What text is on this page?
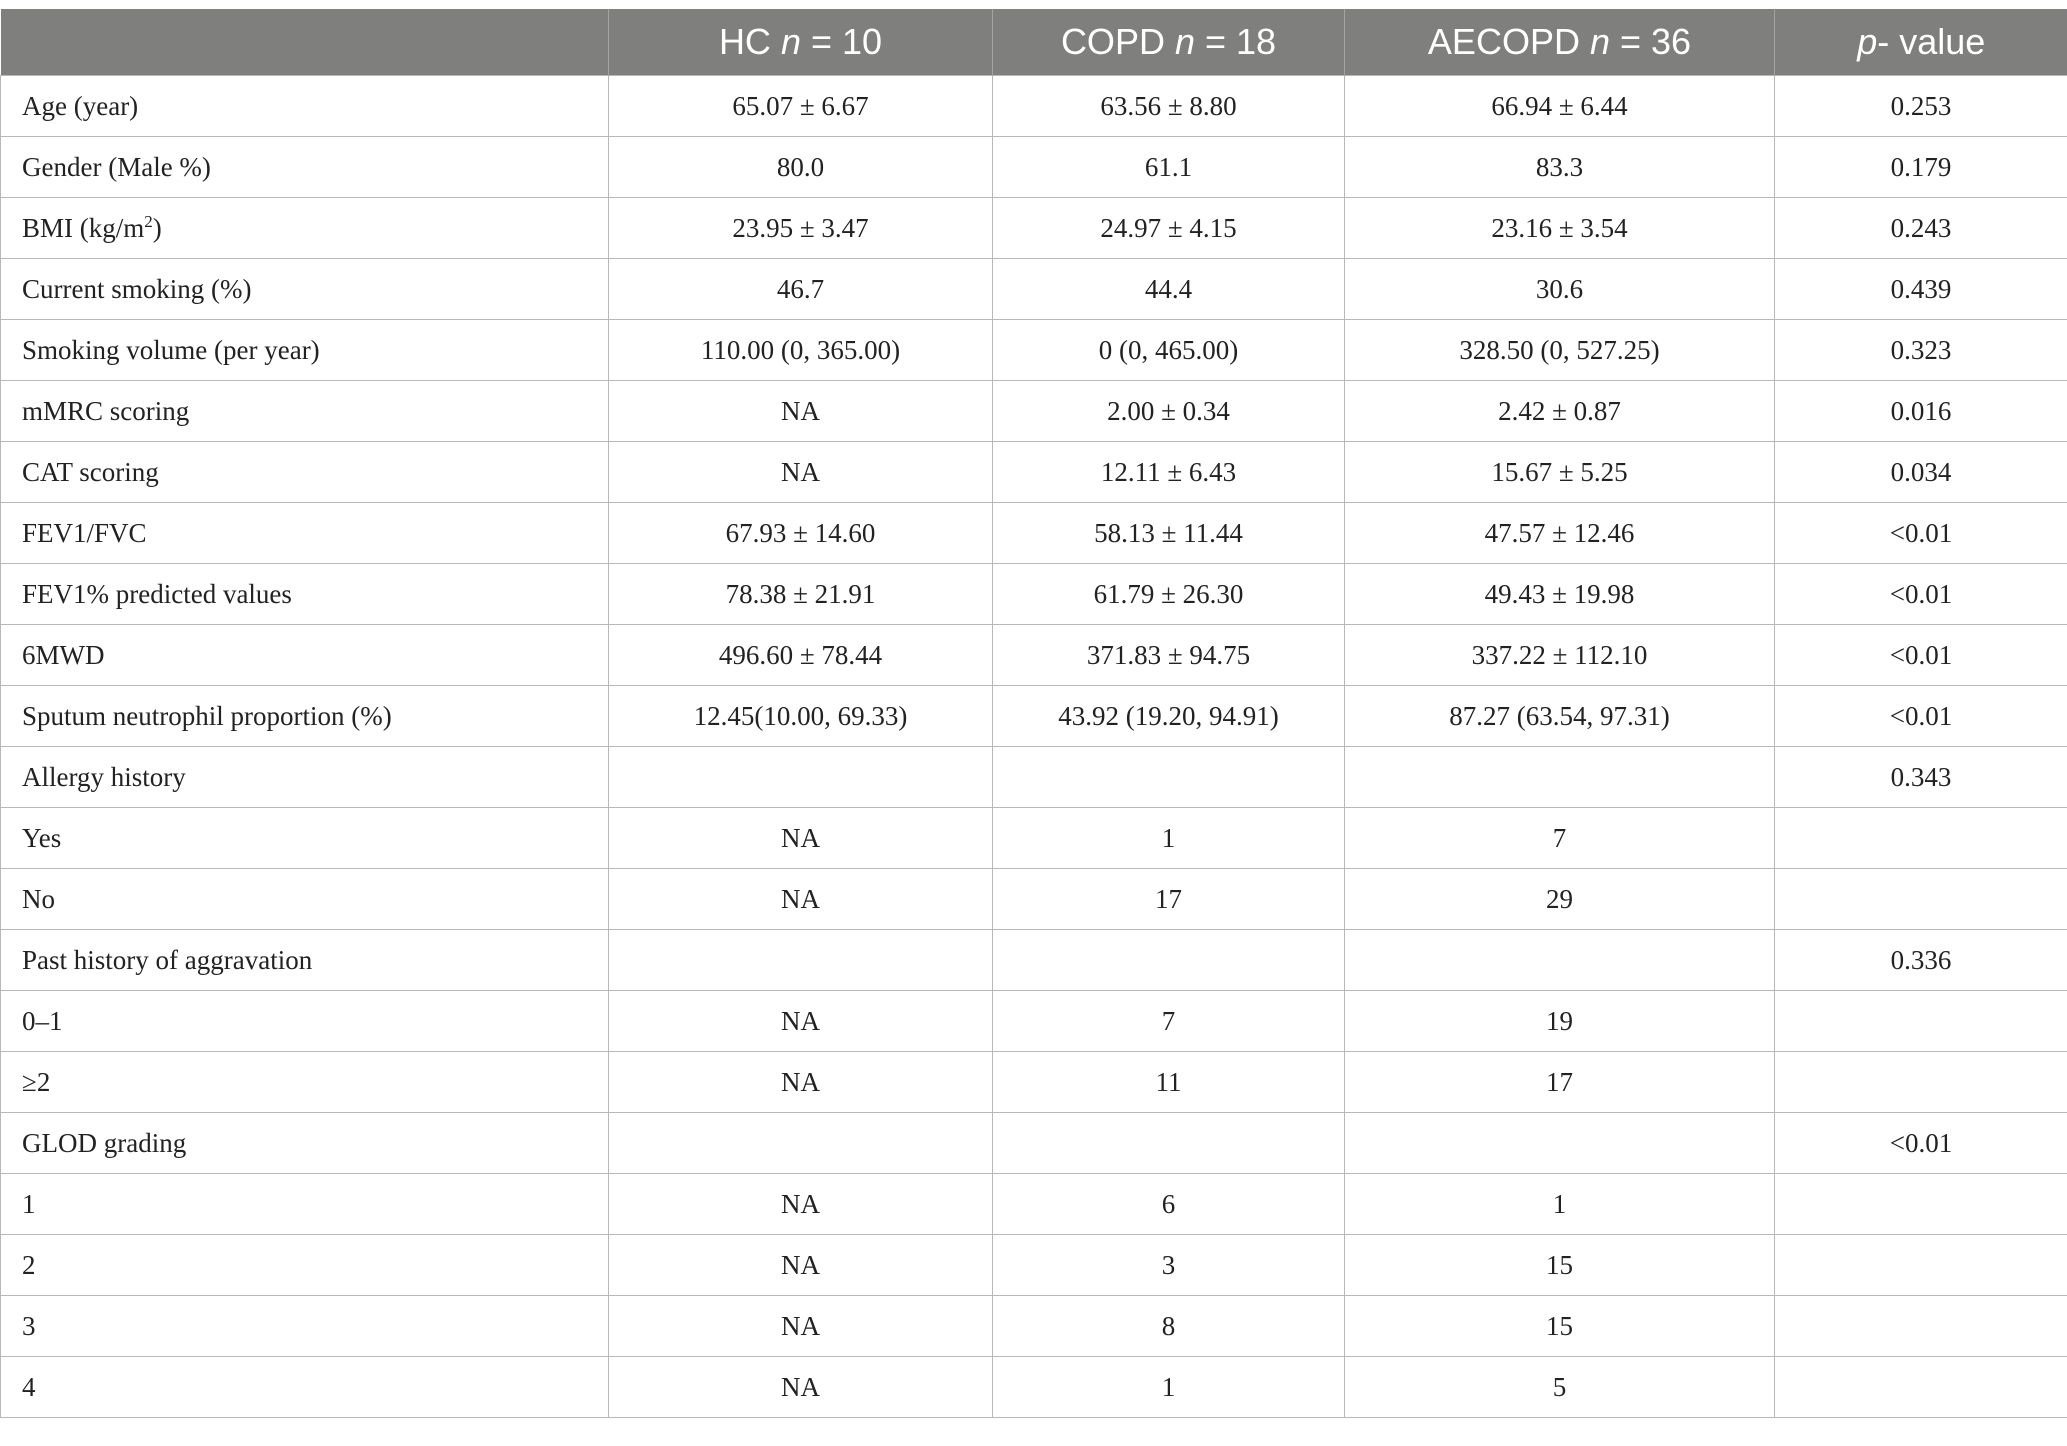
	HC n = 10	COPD n = 18	AECOPD n = 36	p- value
Age (year)	65.07 ± 6.67	63.56 ± 8.80	66.94 ± 6.44	0.253
Gender (Male %)	80.0	61.1	83.3	0.179
BMI $(kg/m^2)$	23.95 ± 3.47	24.97 ± 4.15	23.16 ± 3.54	0.243
Current smoking (%)	46.7	44.4	30.6	0.439
Smoking volume (per year)	110.00 (0, 365.00)	0 (0, 465.00)	328.50 (0, 527.25)	0.323
mMRC scoring	NA	2.00 ± 0.34	2.42 ± 0.87	0.016
CAT scoring	NA	12.11 ± 6.43	15.67 ± 5.25	0.034
FEV1/FVC	67.93 ± 14.60	58.13 ± 11.44	47.57 ± 12.46	<0.01
FEV1% predicted values	78.38 ± 21.91	61.79 ± 26.30	49.43 ± 19.98	<0.01
6MWD	496.60 ± 78.44	371.83 ± 94.75	337.22 ± 112.10	<0.01
Sputum neutrophil proportion (%)	12.45(10.00, 69.33)	43.92 (19.20, 94.91)	87.27 (63.54, 97.31)	<0.01
Allergy history				0.343
Yes	NA	1	7	
No	NA	17	29	
Past history of aggravation				0.336
0–1	NA	7	19	
≥2	NA	11	17	
GLOD grading				<0.01
1	NA	6	1	
2	NA	3	15	
3	NA	8	15	
4	NA	1	5	
